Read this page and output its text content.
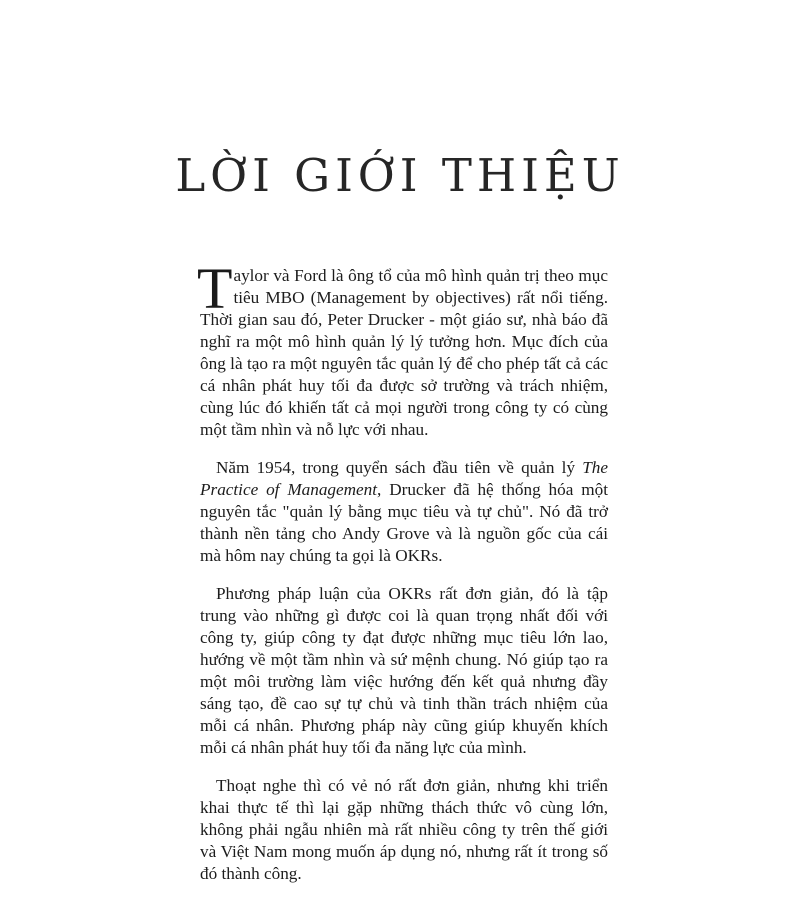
LỜI GIỚI THIỆU

Taylor và Ford là ông tổ của mô hình quản trị theo mục tiêu MBO (Management by objectives) rất nổi tiếng. Thời gian sau đó, Peter Drucker - một giáo sư, nhà báo đã nghĩ ra một mô hình quản lý lý tưởng hơn. Mục đích của ông là tạo ra một nguyên tắc quản lý để cho phép tất cả các cá nhân phát huy tối đa được sở trường và trách nhiệm, cùng lúc đó khiến tất cả mọi người trong công ty có cùng một tầm nhìn và nỗ lực với nhau.

Năm 1954, trong quyển sách đầu tiên về quản lý The Practice of Management, Drucker đã hệ thống hóa một nguyên tắc "quản lý bằng mục tiêu và tự chủ". Nó đã trở thành nền tảng cho Andy Grove và là nguồn gốc của cái mà hôm nay chúng ta gọi là OKRs.

Phương pháp luận của OKRs rất đơn giản, đó là tập trung vào những gì được coi là quan trọng nhất đối với công ty, giúp công ty đạt được những mục tiêu lớn lao, hướng về một tầm nhìn và sứ mệnh chung. Nó giúp tạo ra một môi trường làm việc hướng đến kết quả nhưng đầy sáng tạo, đề cao sự tự chủ và tinh thần trách nhiệm của mỗi cá nhân. Phương pháp này cũng giúp khuyến khích mỗi cá nhân phát huy tối đa năng lực của mình.

Thoạt nghe thì có vẻ nó rất đơn giản, nhưng khi triển khai thực tế thì lại gặp những thách thức vô cùng lớn, không phải ngẫu nhiên mà rất nhiều công ty trên thế giới và Việt Nam mong muốn áp dụng nó, nhưng rất ít trong số đó thành công.
